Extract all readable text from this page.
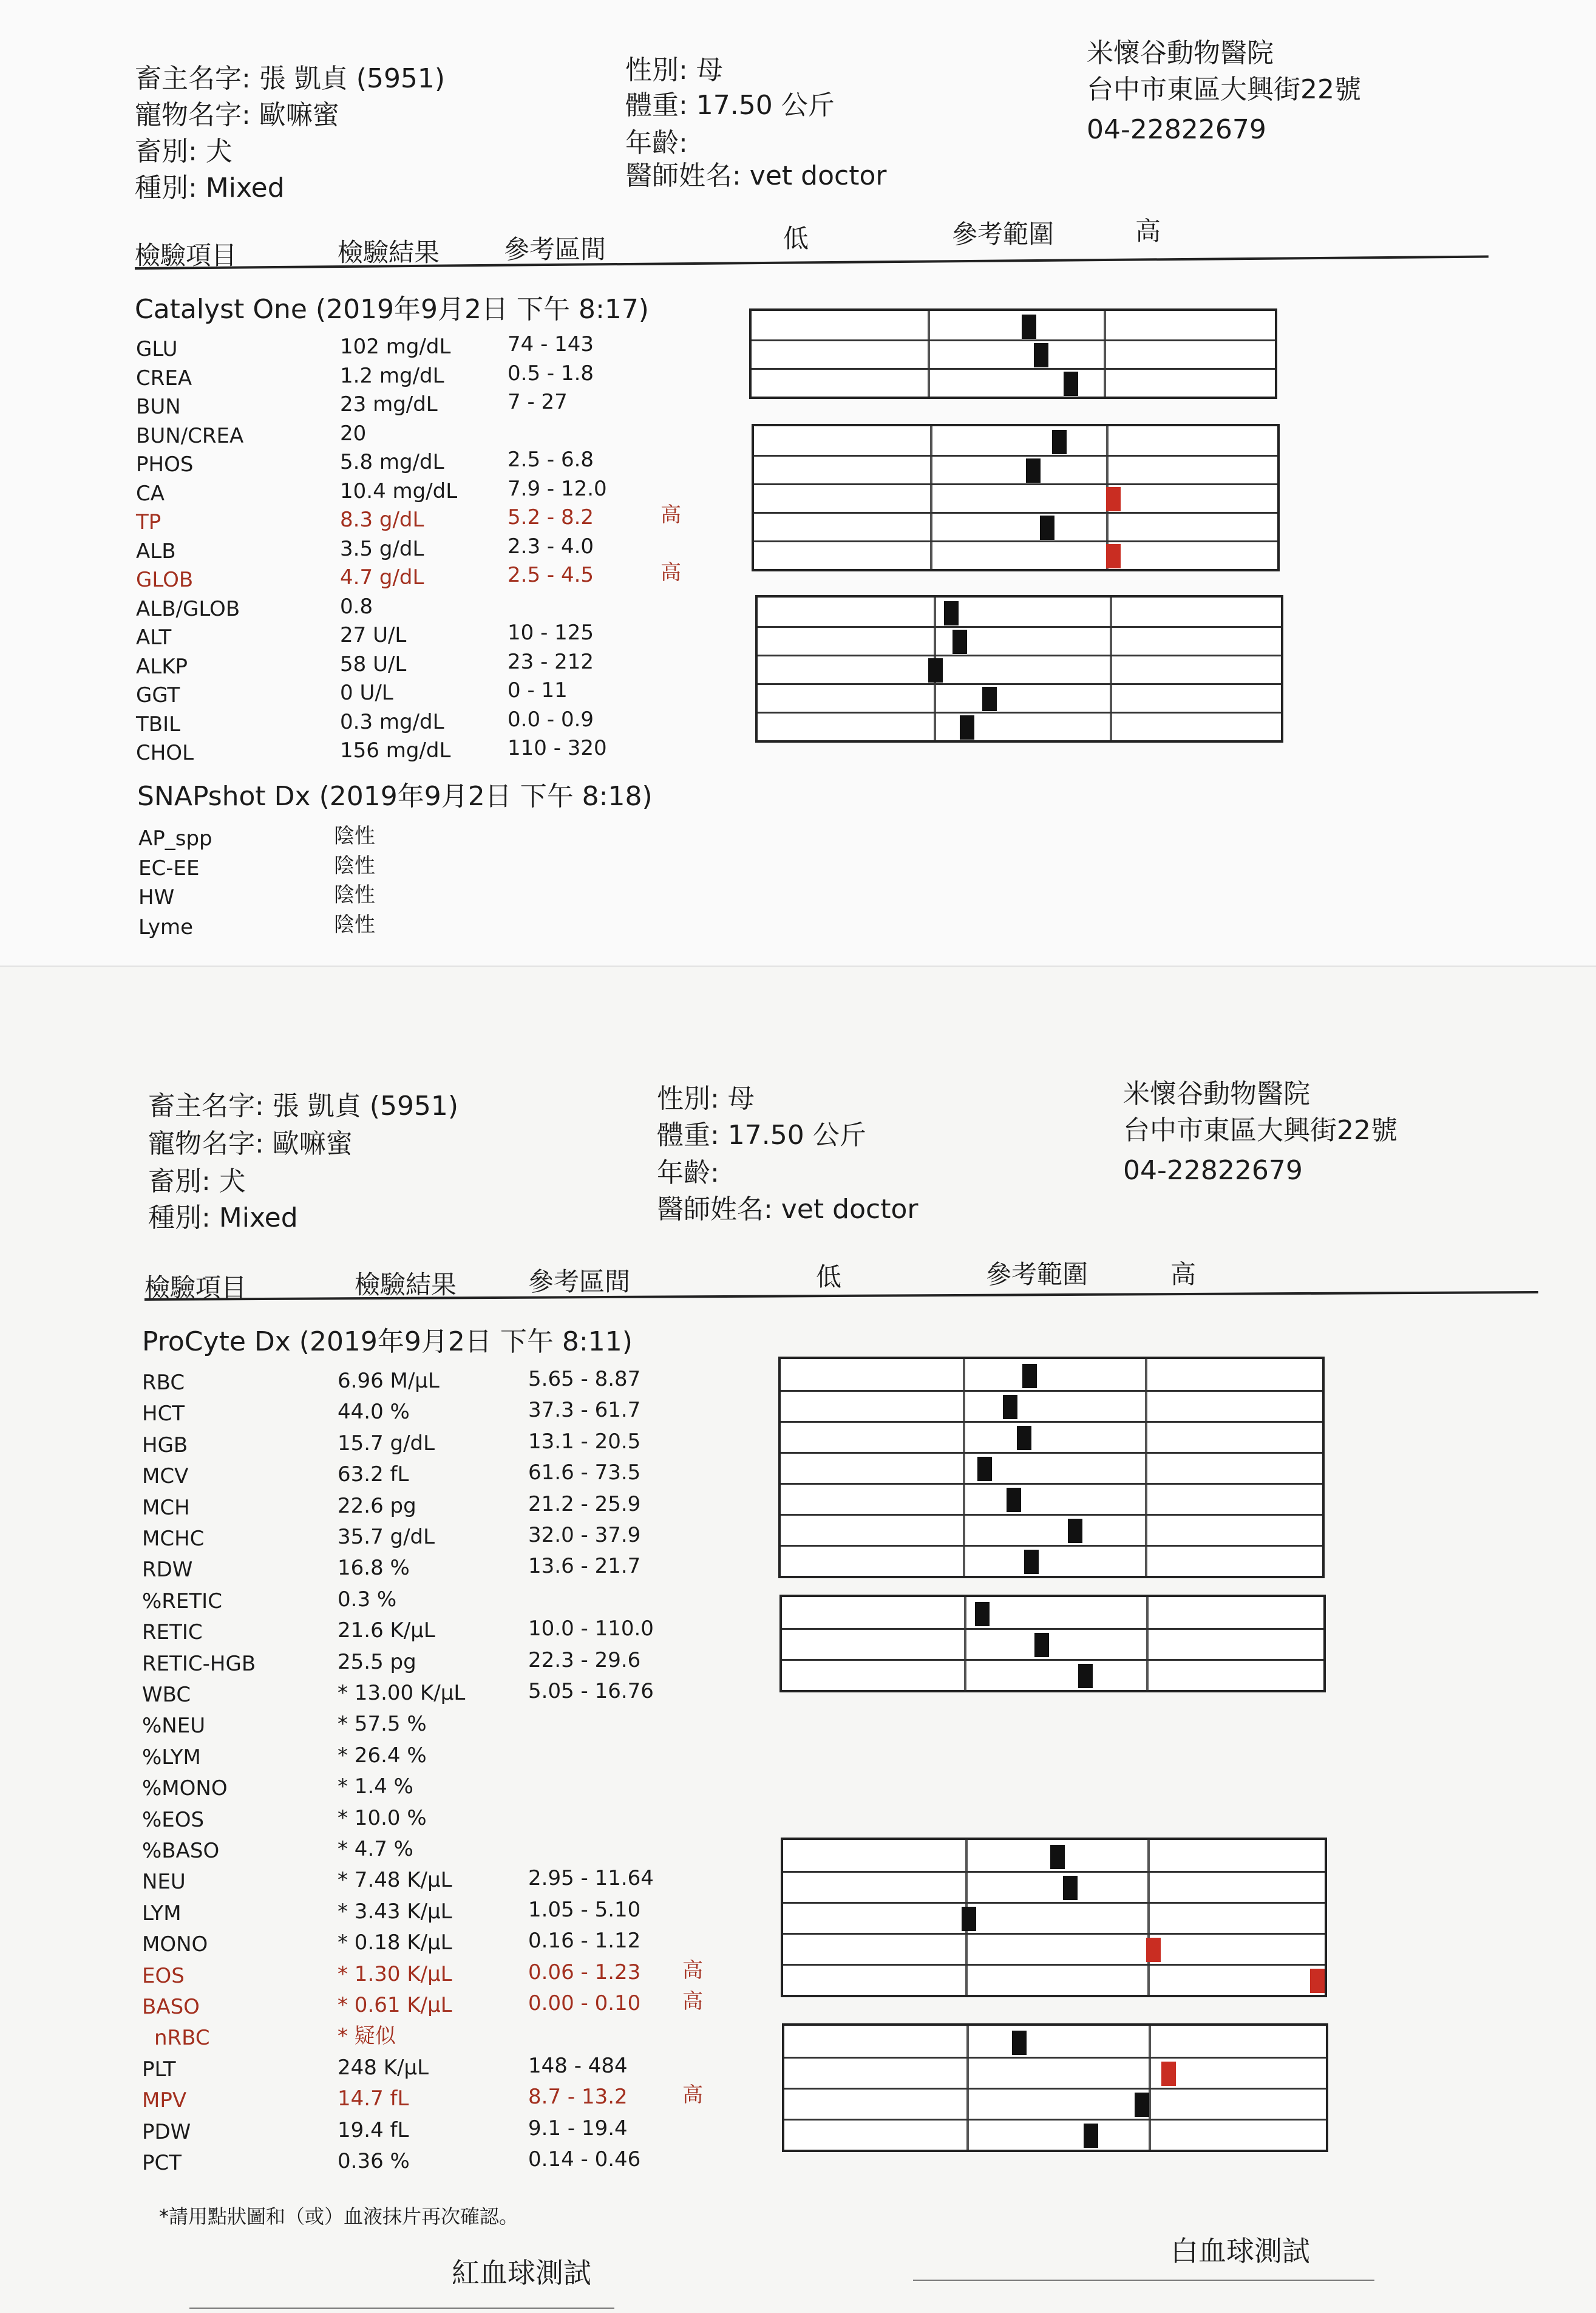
畜主名字: 張 凱貞 (5951)
寵物名字: 歐嘛蜜
畜別: 犬
種別: Mixed
性別: 母
體重: 17.50 公斤
年齡:
醫師姓名: vet doctor
米懷谷動物醫院
台中市東區大興街22號
04-22822679
檢驗項目	檢驗結果	參考區間	低	參考範圍	高
Catalyst One (2019年9月2日 下午 8:17)
GLU	102 mg/dL	74 - 143
CREA	1.2 mg/dL	0.5 - 1.8
BUN	23 mg/dL	7 - 27
BUN/CREA	20
PHOS	5.8 mg/dL	2.5 - 6.8
CA	10.4 mg/dL 7.9 - 12.0
TP	8.3 g/dL	5.2 - 8.2	高
ALB	3.5 g/dL	2.3 - 4.0
GLOB	4.7 g/dL	2.5 - 4.5	高
ALB/GLOB	0.8
ALT	27 U/L	10 - 125
ALKP	58 U/L	23 - 212
GGT	0 U/L	0 - 11
TBIL	0.3 mg/dL	0.0 - 0.9
CHOL	156 mg/dL	110 - 320
SNAPshot Dx (2019年9月2日 下午 8:18)
AP_spp	陰性
EC-EE	陰性
HW	陰性
Lyme	陰性
畜主名字: 張 凱貞 (5951)
寵物名字: 歐嘛蜜
畜別: 犬
種別: Mixed
性別: 母
體重: 17.50 公斤
年齡:
醫師姓名: vet doctor
米懷谷動物醫院
台中市東區大興街22號
04-22822679
檢驗項目	檢驗結果	參考區間	低	參考範圍	高
ProCyte Dx (2019年9月2日 下午 8:11)
RBC	6.96 M/µL	5.65 - 8.87
HCT	44.0 %	37.3 - 61.7
HGB	15.7 g/dL	13.1 - 20.5
MCV	63.2 fL	61.6 - 73.5
MCH	22.6 pg	21.2 - 25.9
MCHC	35.7 g/dL	32.0 - 37.9
RDW	16.8 %	13.6 - 21.7
%RETIC	0.3 %
RETIC	21.6 K/µL	10.0 - 110.0
RETIC-HGB	25.5 pg	22.3 - 29.6
WBC	* 13.00 K/µL	5.05 - 16.76
%NEU	* 57.5 %
%LYM	* 26.4 %
%MONO	* 1.4 %
%EOS	* 10.0 %
%BASO	* 4.7 %
NEU	* 7.48 K/µL	2.95 - 11.64
LYM	* 3.43 K/µL	1.05 - 5.10
MONO	* 0.18 K/µL	0.16 - 1.12
EOS	* 1.30 K/µL	0.06 - 1.23 高
BASO	* 0.61 K/µL	0.00 - 0.10 高
nRBC	* 疑似
PLT	248 K/µL	148 - 484
MPV	14.7 fL	8.7 - 13.2	高
PDW	19.4 fL	9.1 - 19.4
PCT	0.36 %	0.14 - 0.46
*請用點狀圖和（或）血液抹片再次確認。
紅血球測試
白血球測試
